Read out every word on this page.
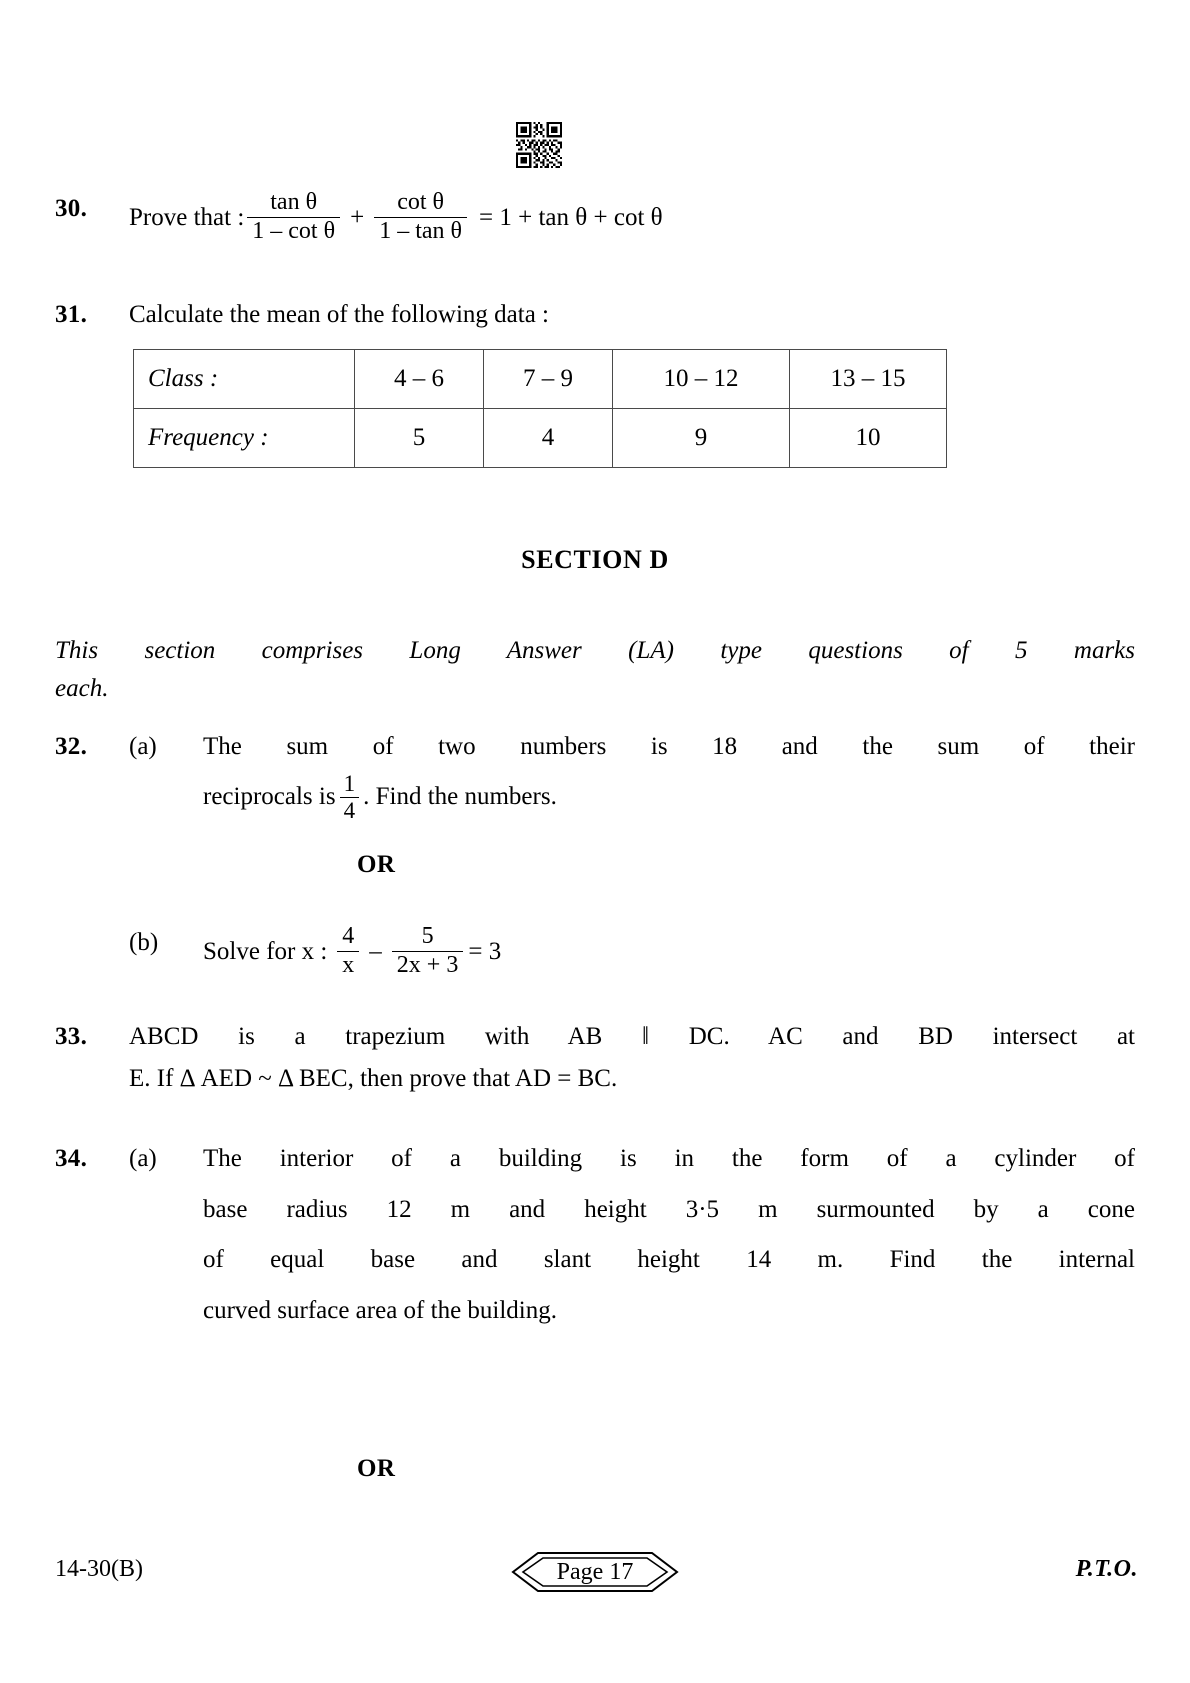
30.	Prove that : $\frac{\text{tan θ}}{\text{1 – cot θ}} + \frac{\text{cot θ}}{\text{1 – tan θ}} = 1 + \tan \theta + \cot \theta$
31.	Calculate the mean of the following data :
Class :	4 – 6	7 – 9	10 – 12	13 – 15
Frequency :	5	4	9	10
SECTION D
This section comprises Long Answer (LA) type questions of 5 marks
each.
32.	(a)	The sum of two numbers is 18 and the sum of their
reciprocals is $\frac{1}{4}$ . Find the numbers.
OR
(b)	Solve for x : $\frac{4}{x} - \frac{5}{2x + 3} = 3$
33.	ABCD is a trapezium with AB ‖ DC. AC and BD intersect at
E. If Δ AED ~ Δ BEC, then prove that AD = BC.
34.	(a)	The interior of a building is in the form of a cylinder of
base radius 12 m and height 3·5 m surmounted by a cone
of equal base and slant height 14 m. Find the internal
curved surface area of the building.
OR
14-30(B)	Page 17	P.T.O.
